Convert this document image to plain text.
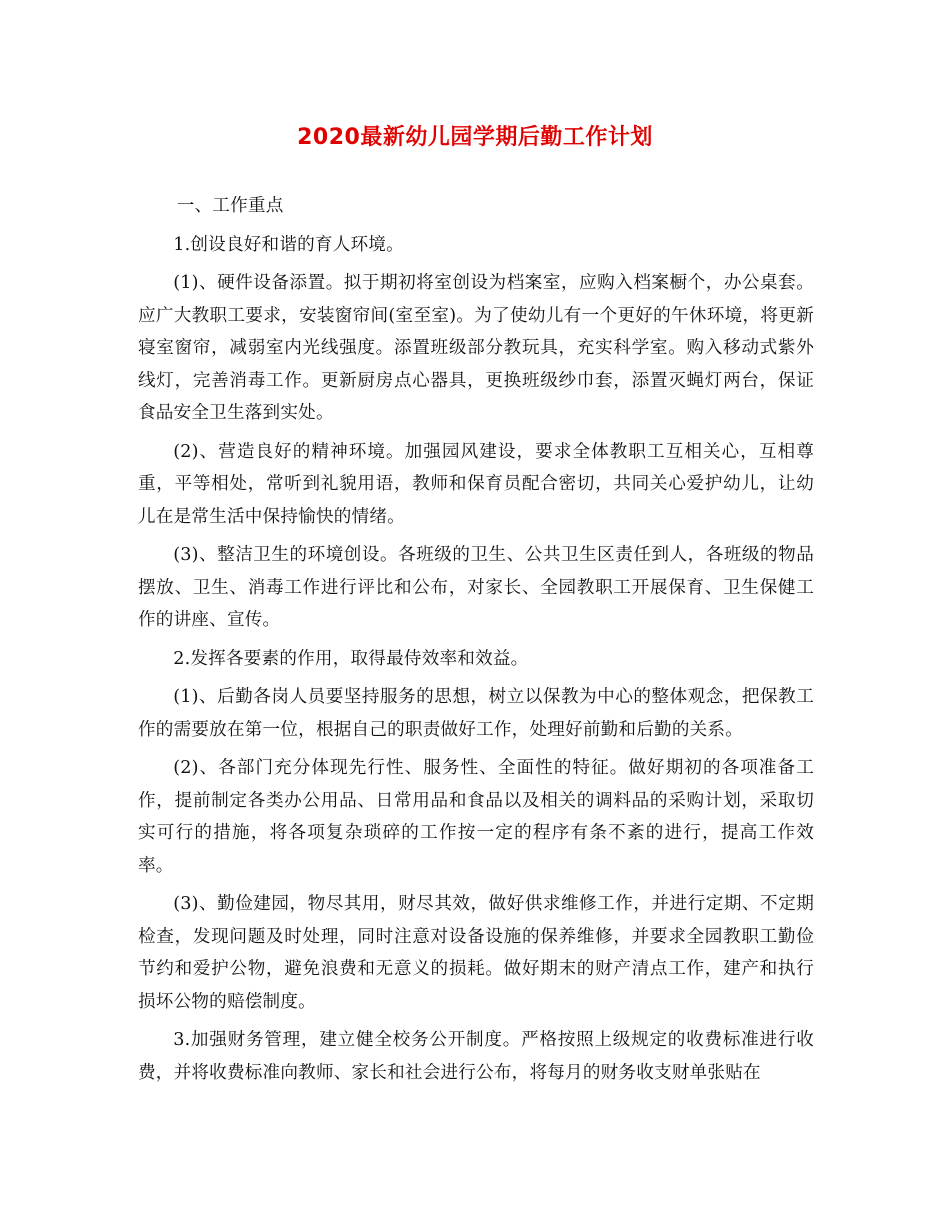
2020最新幼儿园学期后勤工作计划

一、工作重点

1.创设良好和谐的育人环境。

(1)、硬件设备添置。拟于期初将室创设为档案室，应购入档案橱个，办公桌套。应广大教职工要求，安装窗帘间(室至室)。为了使幼儿有一个更好的午休环境，将更新寝室窗帘，减弱室内光线强度。添置班级部分教玩具，充实科学室。购入移动式紫外线灯，完善消毒工作。更新厨房点心器具，更换班级纱巾套，添置灭蝇灯两台，保证食品安全卫生落到实处。

(2)、营造良好的精神环境。加强园风建设，要求全体教职工互相关心，互相尊重，平等相处，常听到礼貌用语，教师和保育员配合密切，共同关心爱护幼儿，让幼儿在是常生活中保持愉快的情绪。

(3)、整洁卫生的环境创设。各班级的卫生、公共卫生区责任到人，各班级的物品摆放、卫生、消毒工作进行评比和公布，对家长、全园教职工开展保育、卫生保健工作的讲座、宣传。

2.发挥各要素的作用，取得最侍效率和效益。

(1)、后勤各岗人员要坚持服务的思想，树立以保教为中心的整体观念，把保教工作的需要放在第一位，根据自己的职责做好工作，处理好前勤和后勤的关系。

(2)、各部门充分体现先行性、服务性、全面性的特征。做好期初的各项准备工作，提前制定各类办公用品、日常用品和食品以及相关的调料品的采购计划，采取切实可行的措施，将各项复杂琐碎的工作按一定的程序有条不紊的进行，提高工作效率。

(3)、勤俭建园，物尽其用，财尽其效，做好供求维修工作，并进行定期、不定期检查，发现问题及时处理，同时注意对设备设施的保养维修，并要求全园教职工勤俭节约和爱护公物，避免浪费和无意义的损耗。做好期末的财产清点工作，建产和执行损坏公物的赔偿制度。

3.加强财务管理，建立健全校务公开制度。严格按照上级规定的收费标准进行收费，并将收费标准向教师、家长和社会进行公布，将每月的财务收支财单张贴在
